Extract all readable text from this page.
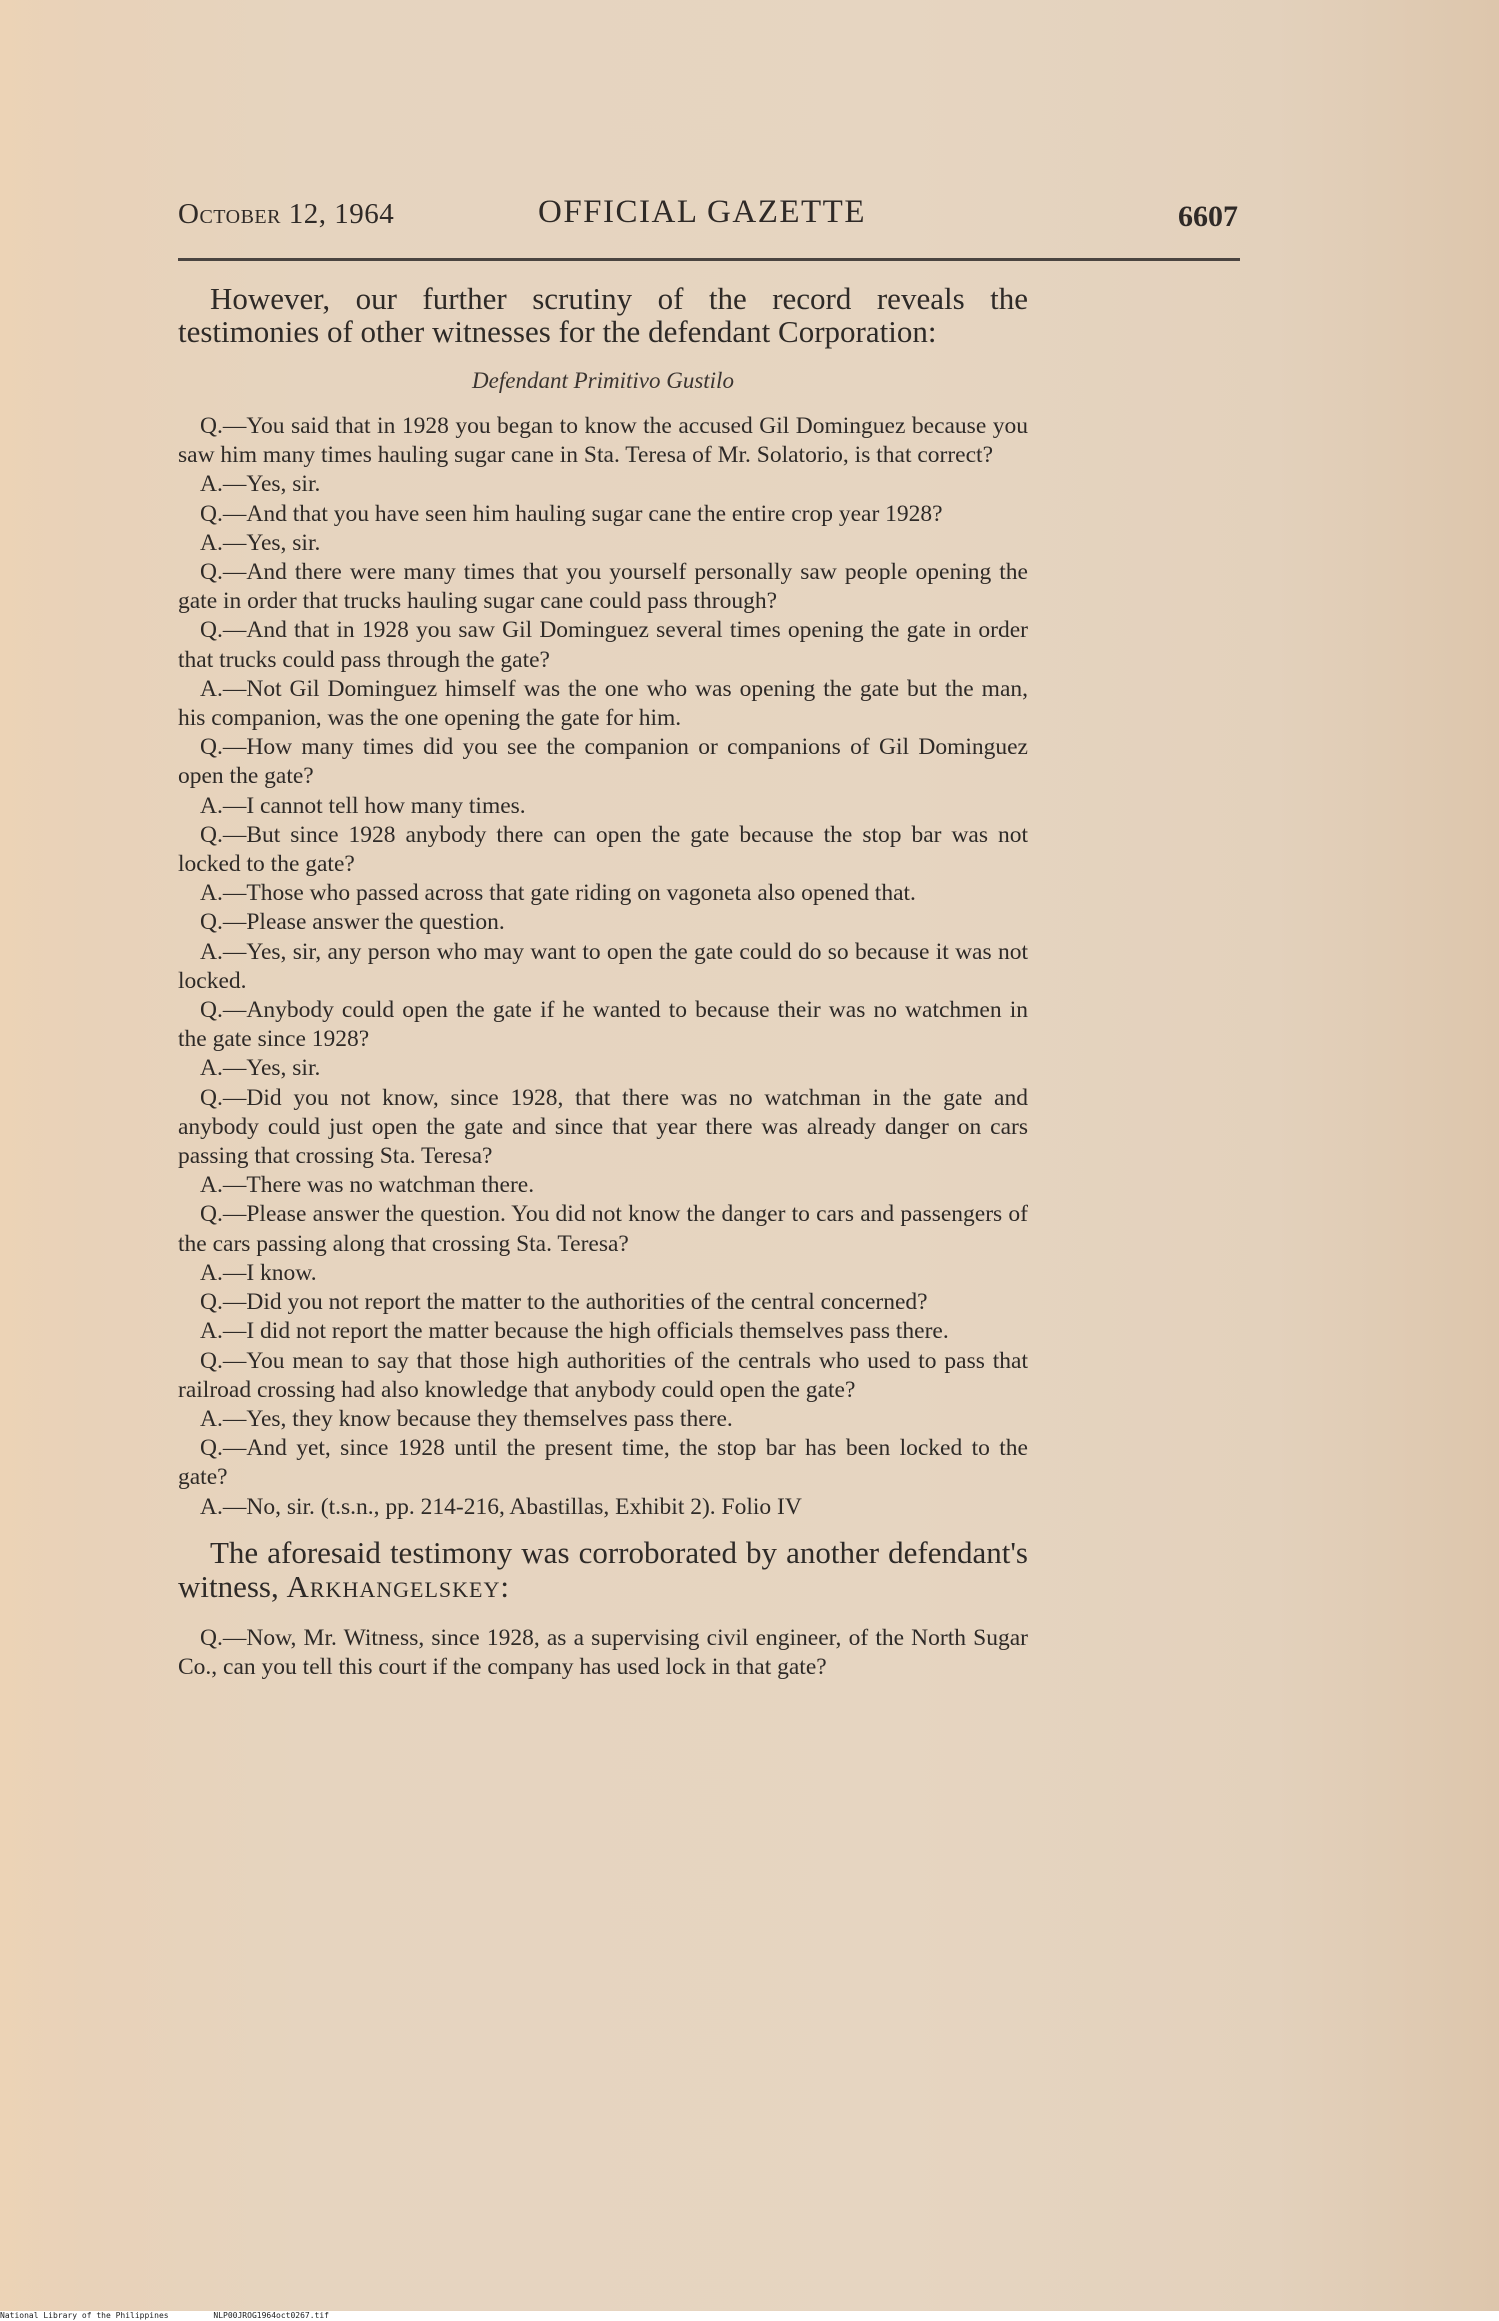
October 12, 1964	OFFICIAL GAZETTE	6607

However, our further scrutiny of the record reveals the testimonies of other witnesses for the defendant Corporation:

Defendant Primitivo Gustilo

Q.—You said that in 1928 you began to know the accused Gil Dominguez because you saw him many times hauling sugar cane in Sta. Teresa of Mr. Solatorio, is that correct?

A.—Yes, sir.

Q.—And that you have seen him hauling sugar cane the entire crop year 1928?

A.—Yes, sir.

Q.—And there were many times that you yourself personally saw people opening the gate in order that trucks hauling sugar cane could pass through?

Q.—And that in 1928 you saw Gil Dominguez several times opening the gate in order that trucks could pass through the gate?

A.—Not Gil Dominguez himself was the one who was opening the gate but the man, his companion, was the one opening the gate for him.

Q.—How many times did you see the companion or companions of Gil Dominguez open the gate?

A.—I cannot tell how many times.

Q.—But since 1928 anybody there can open the gate because the stop bar was not locked to the gate?

A.—Those who passed across that gate riding on vagoneta also opened that.

Q.—Please answer the question.

A.—Yes, sir, any person who may want to open the gate could do so because it was not locked.

Q.—Anybody could open the gate if he wanted to because their was no watchmen in the gate since 1928?

A.—Yes, sir.

Q.—Did you not know, since 1928, that there was no watchman in the gate and anybody could just open the gate and since that year there was already danger on cars passing that crossing Sta. Teresa?

A.—There was no watchman there.

Q.—Please answer the question. You did not know the danger to cars and passengers of the cars passing along that crossing Sta. Teresa?

A.—I know.

Q.—Did you not report the matter to the authorities of the central concerned?

A.—I did not report the matter because the high officials themselves pass there.

Q.—You mean to say that those high authorities of the centrals who used to pass that railroad crossing had also knowledge that anybody could open the gate?

A.—Yes, they know because they themselves pass there.

Q.—And yet, since 1928 until the present time, the stop bar has been locked to the gate?

A.—No, sir. (t.s.n., pp. 214-216, Abastillas, Exhibit 2). Folio IV

The aforesaid testimony was corroborated by another defendant's witness, Arkhangelskey:

Q.—Now, Mr. Witness, since 1928, as a supervising civil engineer, of the North Sugar Co., can you tell this court if the company has used lock in that gate?

National Library of the Philippines	NLP00JROG1964oct0267.tif
